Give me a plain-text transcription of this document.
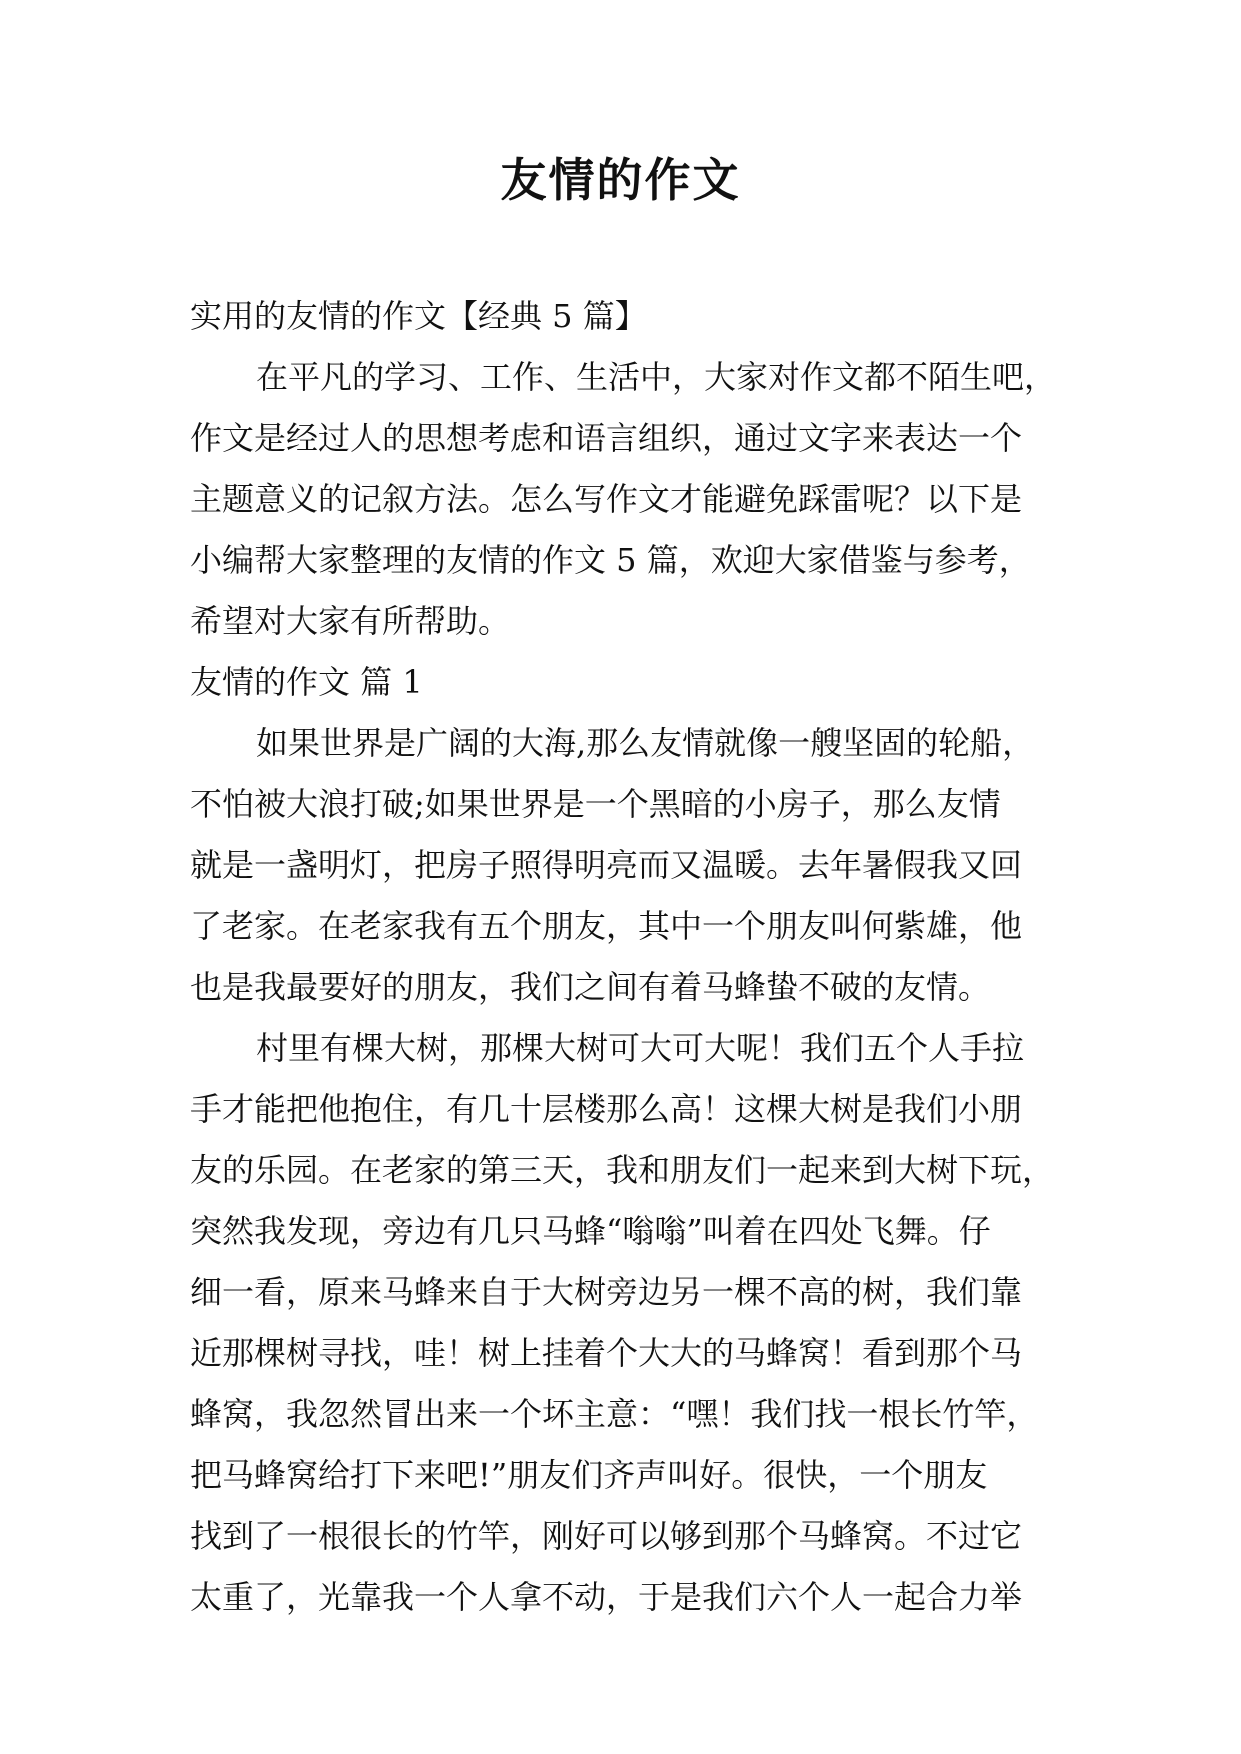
友情的作文
实用的友情的作文【经典 5 篇】
在平凡的学习、工作、生活中，大家对作文都不陌生吧，
作文是经过人的思想考虑和语言组织，通过文字来表达一个
主题意义的记叙方法。怎么写作文才能避免踩雷呢？以下是
小编帮大家整理的友情的作文 5 篇，欢迎大家借鉴与参考，
希望对大家有所帮助。
友情的作文 篇 1
如果世界是广阔的大海,那么友情就像一艘坚固的轮船，
不怕被大浪打破;如果世界是一个黑暗的小房子，那么友情
就是一盏明灯，把房子照得明亮而又温暖。去年暑假我又回
了老家。在老家我有五个朋友，其中一个朋友叫何紫雄，他
也是我最要好的朋友，我们之间有着马蜂蛰不破的友情。
村里有棵大树，那棵大树可大可大呢！我们五个人手拉
手才能把他抱住，有几十层楼那么高！这棵大树是我们小朋
友的乐园。在老家的第三天，我和朋友们一起来到大树下玩，
突然我发现，旁边有几只马蜂“嗡嗡”叫着在四处飞舞。仔
细一看，原来马蜂来自于大树旁边另一棵不高的树，我们靠
近那棵树寻找，哇！树上挂着个大大的马蜂窝！看到那个马
蜂窝，我忽然冒出来一个坏主意：“嘿！我们找一根长竹竿，
把马蜂窝给打下来吧!”朋友们齐声叫好。很快，一个朋友
找到了一根很长的竹竿，刚好可以够到那个马蜂窝。不过它
太重了，光靠我一个人拿不动，于是我们六个人一起合力举
